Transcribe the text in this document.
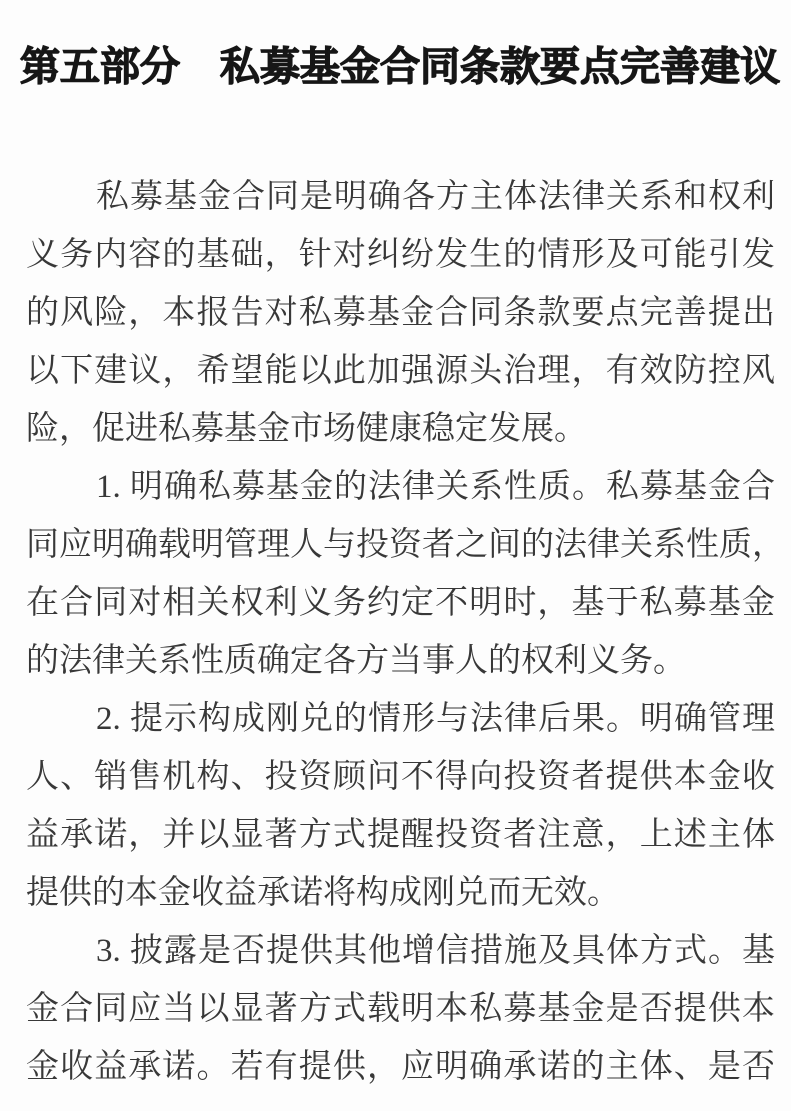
第五部分　私募基金合同条款要点完善建议
私募基金合同是明确各方主体法律关系和权利
义务内容的基础，针对纠纷发生的情形及可能引发
的风险，本报告对私募基金合同条款要点完善提出
以下建议，希望能以此加强源头治理，有效防控风
险，促进私募基金市场健康稳定发展。
1. 明确私募基金的法律关系性质。私募基金合
同应明确载明管理人与投资者之间的法律关系性质，
在合同对相关权利义务约定不明时，基于私募基金
的法律关系性质确定各方当事人的权利义务。
2. 提示构成刚兑的情形与法律后果。明确管理
人、销售机构、投资顾问不得向投资者提供本金收
益承诺，并以显著方式提醒投资者注意，上述主体
提供的本金收益承诺将构成刚兑而无效。
3. 披露是否提供其他增信措施及具体方式。基
金合同应当以显著方式载明本私募基金是否提供本
金收益承诺。若有提供，应明确承诺的主体、是否
